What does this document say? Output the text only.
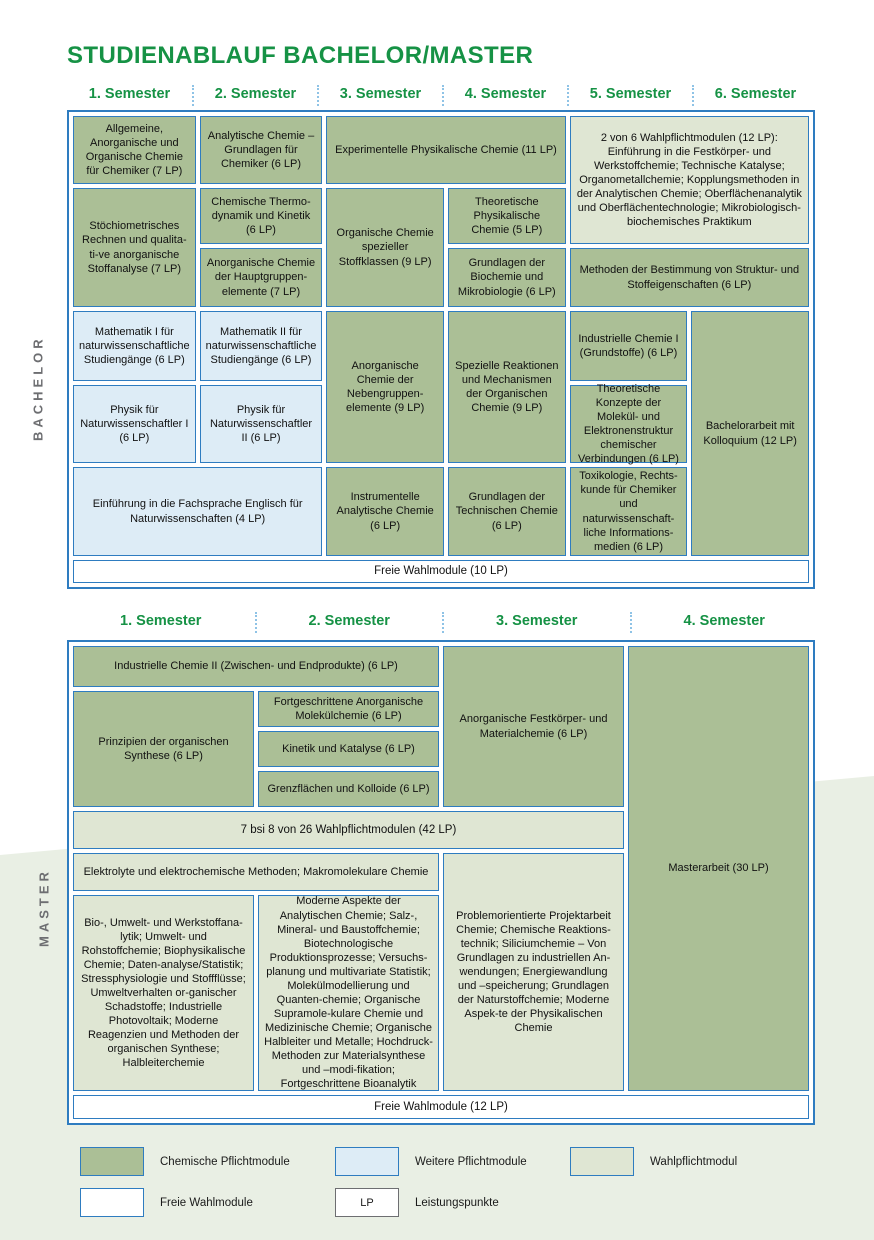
STUDIENABLAUF BACHELOR/MASTER
BACHELOR
MASTER
1. Semester	2. Semester	3. Semester	4. Semester	5. Semester	6. Semester
Allgemeine, Anorganische und Organische Chemie für Chemiker (7 LP)
Analytische Chemie – Grundlagen für Chemiker (6 LP)
Experimentelle Physikalische Chemie (11 LP)
2 von 6 Wahlpflichtmodulen (12 LP): Einführung in die Festkörper- und Werkstoffchemie; Technische Katalyse; Organometallchemie; Kopplungsmethoden in der Analytischen Chemie; Oberflächenanalytik und Oberflächentechnologie; Mikrobiologisch-biochemisches Praktikum
Stöchiometrisches Rechnen und qualita-ti-ve anorganische Stoffanalyse (7 LP)
Chemische Thermo-dynamik und Kinetik (6 LP)
Anorganische Chemie der Hauptgruppen-elemente (7 LP)
Organische Chemie spezieller Stoffklassen (9 LP)
Theoretische Physikalische Chemie (5 LP)
Grundlagen der Biochemie und Mikrobiologie (6 LP)
Methoden der Bestimmung von Struktur- und Stoffeigenschaften (6 LP)
Mathematik I für naturwissenschaftliche Studiengänge (6 LP)
Mathematik II für naturwissenschaftliche Studiengänge (6 LP)	Anorganische Chemie der Nebengruppen-elemente (9 LP)
Spezielle Reaktionen und Mechanismen der Organischen Chemie (9 LP)
Industrielle Chemie I (Grundstoffe) (6 LP)
Bachelorarbeit mit Kolloquium (12 LP)
Physik für Naturwissenschaftler I (6 LP)
Physik für Naturwissenschaftler II (6 LP)
Theoretische Konzepte der Molekül- und Elektronenstruktur chemischer Verbindungen (6 LP)
Einführung in die Fachsprache Englisch für Naturwissenschaften (4 LP)
Instrumentelle Analytische Chemie (6 LP)
Grundlagen der Technischen Chemie (6 LP)
Toxikologie, Rechts-kunde für Chemiker und naturwissenschaft-liche Informations-medien (6 LP)
Freie Wahlmodule (10 LP)
1. Semester	2. Semester	3. Semester	4. Semester
Industrielle Chemie II (Zwischen- und Endprodukte) (6 LP)
Prinzipien der organischen Synthese (6 LP)
Fortgeschrittene Anorganische Molekülchemie (6 LP)
Kinetik und Katalyse (6 LP)
Grenzflächen und Kolloide (6 LP)
Anorganische Festkörper- und Materialchemie (6 LP)
Masterarbeit (30 LP)
7 bsi 8 von 26 Wahlpflichtmodulen (42 LP)
Elektrolyte und elektrochemische Methoden; Makromolekulare Chemie
Bio-, Umwelt- und Werkstoffana-lytik; Umwelt- und Rohstoffchemie; Biophysikalische Chemie; Daten-analyse/Statistik; Stressphysiologie und Stoffflüsse; Umweltverhalten or-ganischer Schadstoffe; Industrielle Photovoltaik; Moderne Reagenzien und Methoden der organischen Synthese; Halbleiterchemie
Moderne Aspekte der Analytischen Chemie; Salz-, Mineral- und Baustoffchemie; Biotechnologische Produktionsprozesse; Versuchs-planung und multivariate Statistik; Molekülmodellierung und Quanten-chemie; Organische Supramole-kulare Chemie und Medizinische Chemie; Organische Halbleiter und Metalle; Hochdruck-Methoden zur Materialsynthese und –modi-fikation; Fortgeschrittene Bioanalytik
Problemorientierte Projektarbeit Chemie; Chemische Reaktions-technik; Siliciumchemie – Von Grundlagen zu industriellen An-wendungen; Energiewandlung und –speicherung; Grundlagen der Naturstoffchemie; Moderne Aspek-te der Physikalischen Chemie
Freie Wahlmodule (12 LP)
Chemische Pflichtmodule	Weitere Pflichtmodule	Wahlpflichtmodul
Freie Wahlmodule	LP	Leistungspunkte
